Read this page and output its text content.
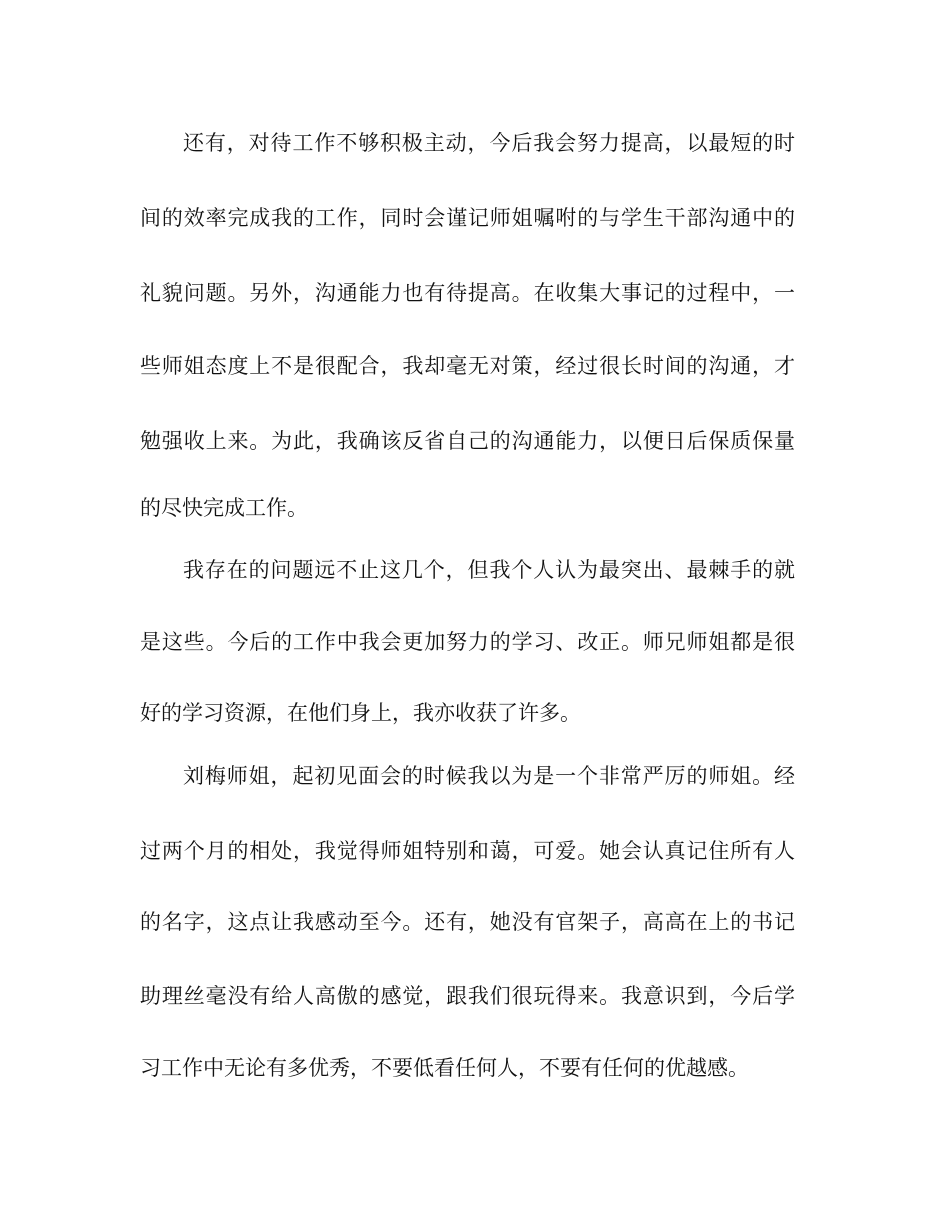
还有，对待工作不够积极主动，今后我会努力提高，以最短的时
间的效率完成我的工作，同时会谨记师姐嘱咐的与学生干部沟通中的
礼貌问题。另外，沟通能力也有待提高。在收集大事记的过程中，一
些师姐态度上不是很配合，我却毫无对策，经过很长时间的沟通，才
勉强收上来。为此，我确该反省自己的沟通能力，以便日后保质保量
的尽快完成工作。
我存在的问题远不止这几个，但我个人认为最突出、最棘手的就
是这些。今后的工作中我会更加努力的学习、改正。师兄师姐都是很
好的学习资源，在他们身上，我亦收获了许多。
刘梅师姐，起初见面会的时候我以为是一个非常严厉的师姐。经
过两个月的相处，我觉得师姐特别和蔼，可爱。她会认真记住所有人
的名字，这点让我感动至今。还有，她没有官架子，高高在上的书记
助理丝毫没有给人高傲的感觉，跟我们很玩得来。我意识到，今后学
习工作中无论有多优秀，不要低看任何人，不要有任何的优越感。
